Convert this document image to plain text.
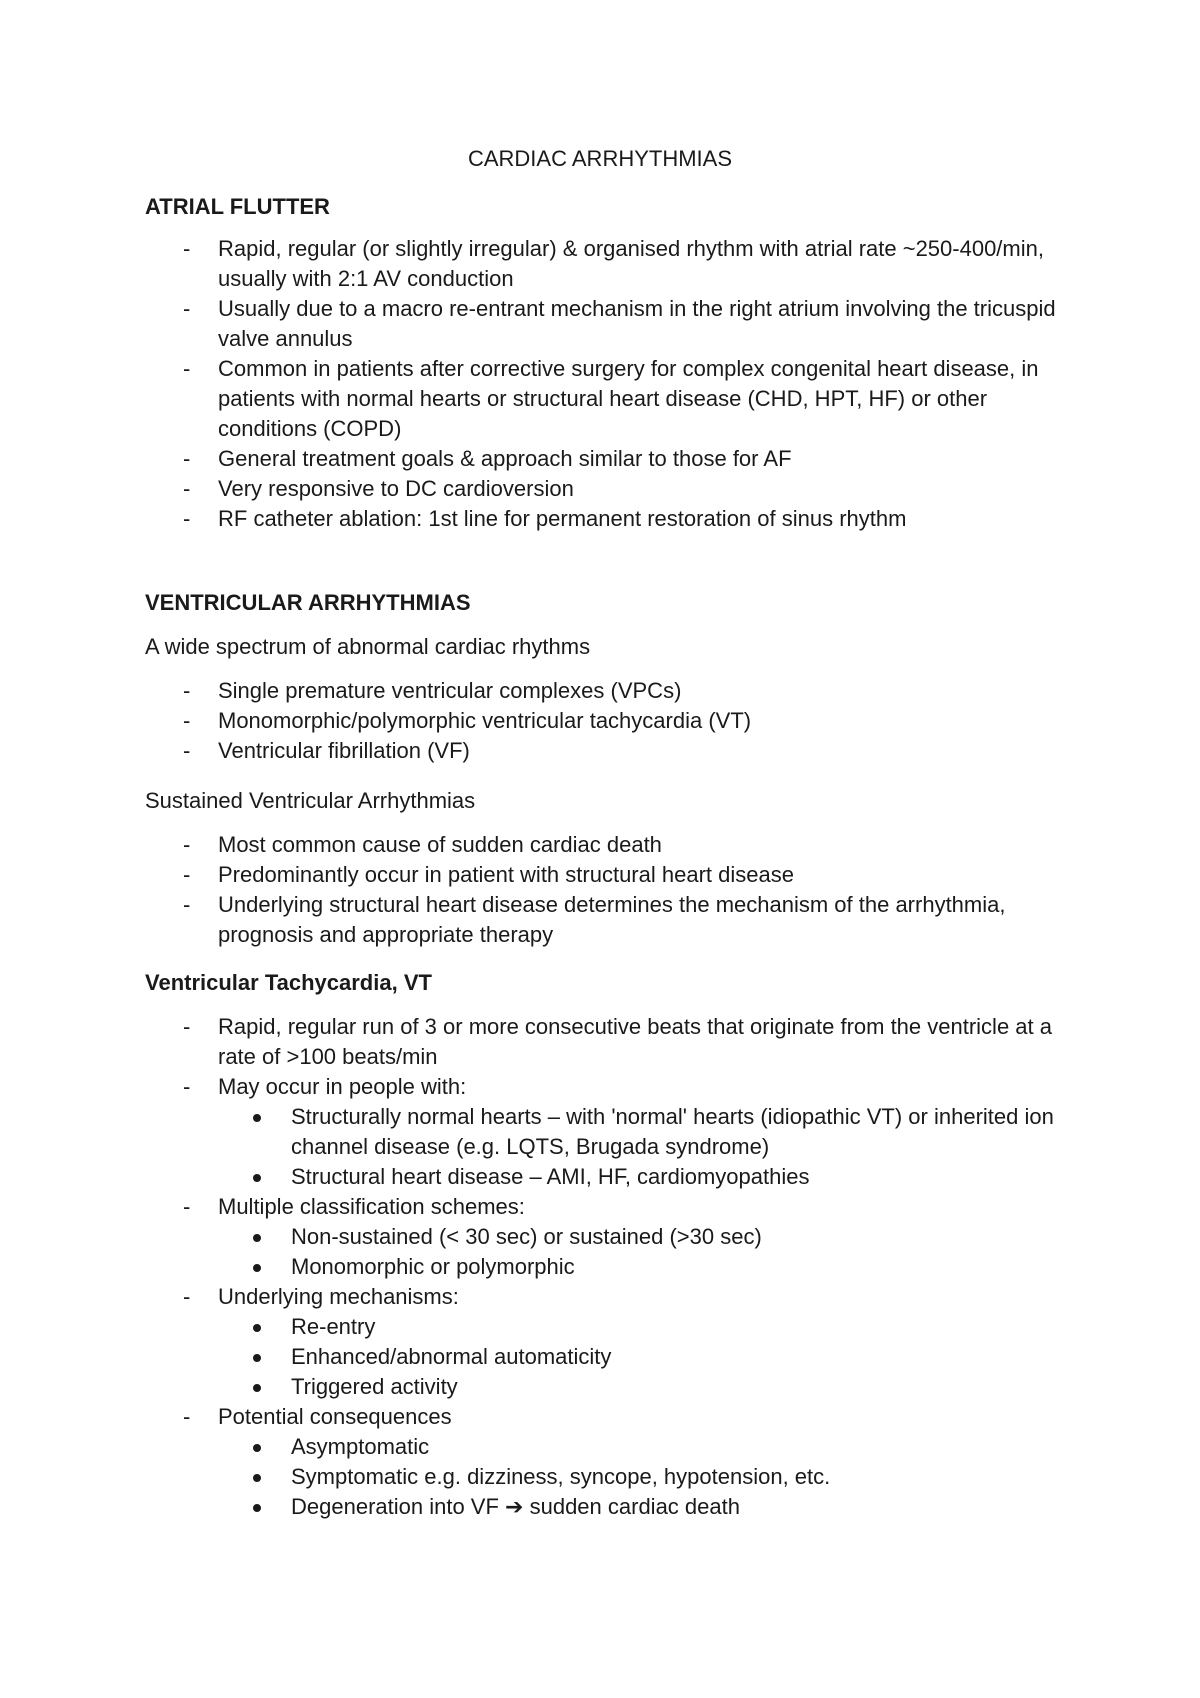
CARDIAC ARRHYTHMIAS

ATRIAL FLUTTER

- Rapid, regular (or slightly irregular) & organised rhythm with atrial rate ~250-400/min, usually with 2:1 AV conduction
- Usually due to a macro re-entrant mechanism in the right atrium involving the tricuspid valve annulus
- Common in patients after corrective surgery for complex congenital heart disease, in patients with normal hearts or structural heart disease (CHD, HPT, HF) or other conditions (COPD)
- General treatment goals & approach similar to those for AF
- Very responsive to DC cardioversion
- RF catheter ablation: 1st line for permanent restoration of sinus rhythm

VENTRICULAR ARRHYTHMIAS

A wide spectrum of abnormal cardiac rhythms

- Single premature ventricular complexes (VPCs)
- Monomorphic/polymorphic ventricular tachycardia (VT)
- Ventricular fibrillation (VF)

Sustained Ventricular Arrhythmias

- Most common cause of sudden cardiac death
- Predominantly occur in patient with structural heart disease
- Underlying structural heart disease determines the mechanism of the arrhythmia, prognosis and appropriate therapy

Ventricular Tachycardia, VT

- Rapid, regular run of 3 or more consecutive beats that originate from the ventricle at a rate of >100 beats/min
- May occur in people with:
Structurally normal hearts – with 'normal' hearts (idiopathic VT) or inherited ion channel disease (e.g. LQTS, Brugada syndrome)
Structural heart disease – AMI, HF, cardiomyopathies
- Multiple classification schemes:
Non-sustained (< 30 sec) or sustained (>30 sec)
Monomorphic or polymorphic
- Underlying mechanisms:
Re-entry
Enhanced/abnormal automaticity
Triggered activity
- Potential consequences
Asymptomatic
Symptomatic e.g. dizziness, syncope, hypotension, etc.
Degeneration into VF ➔ sudden cardiac death
